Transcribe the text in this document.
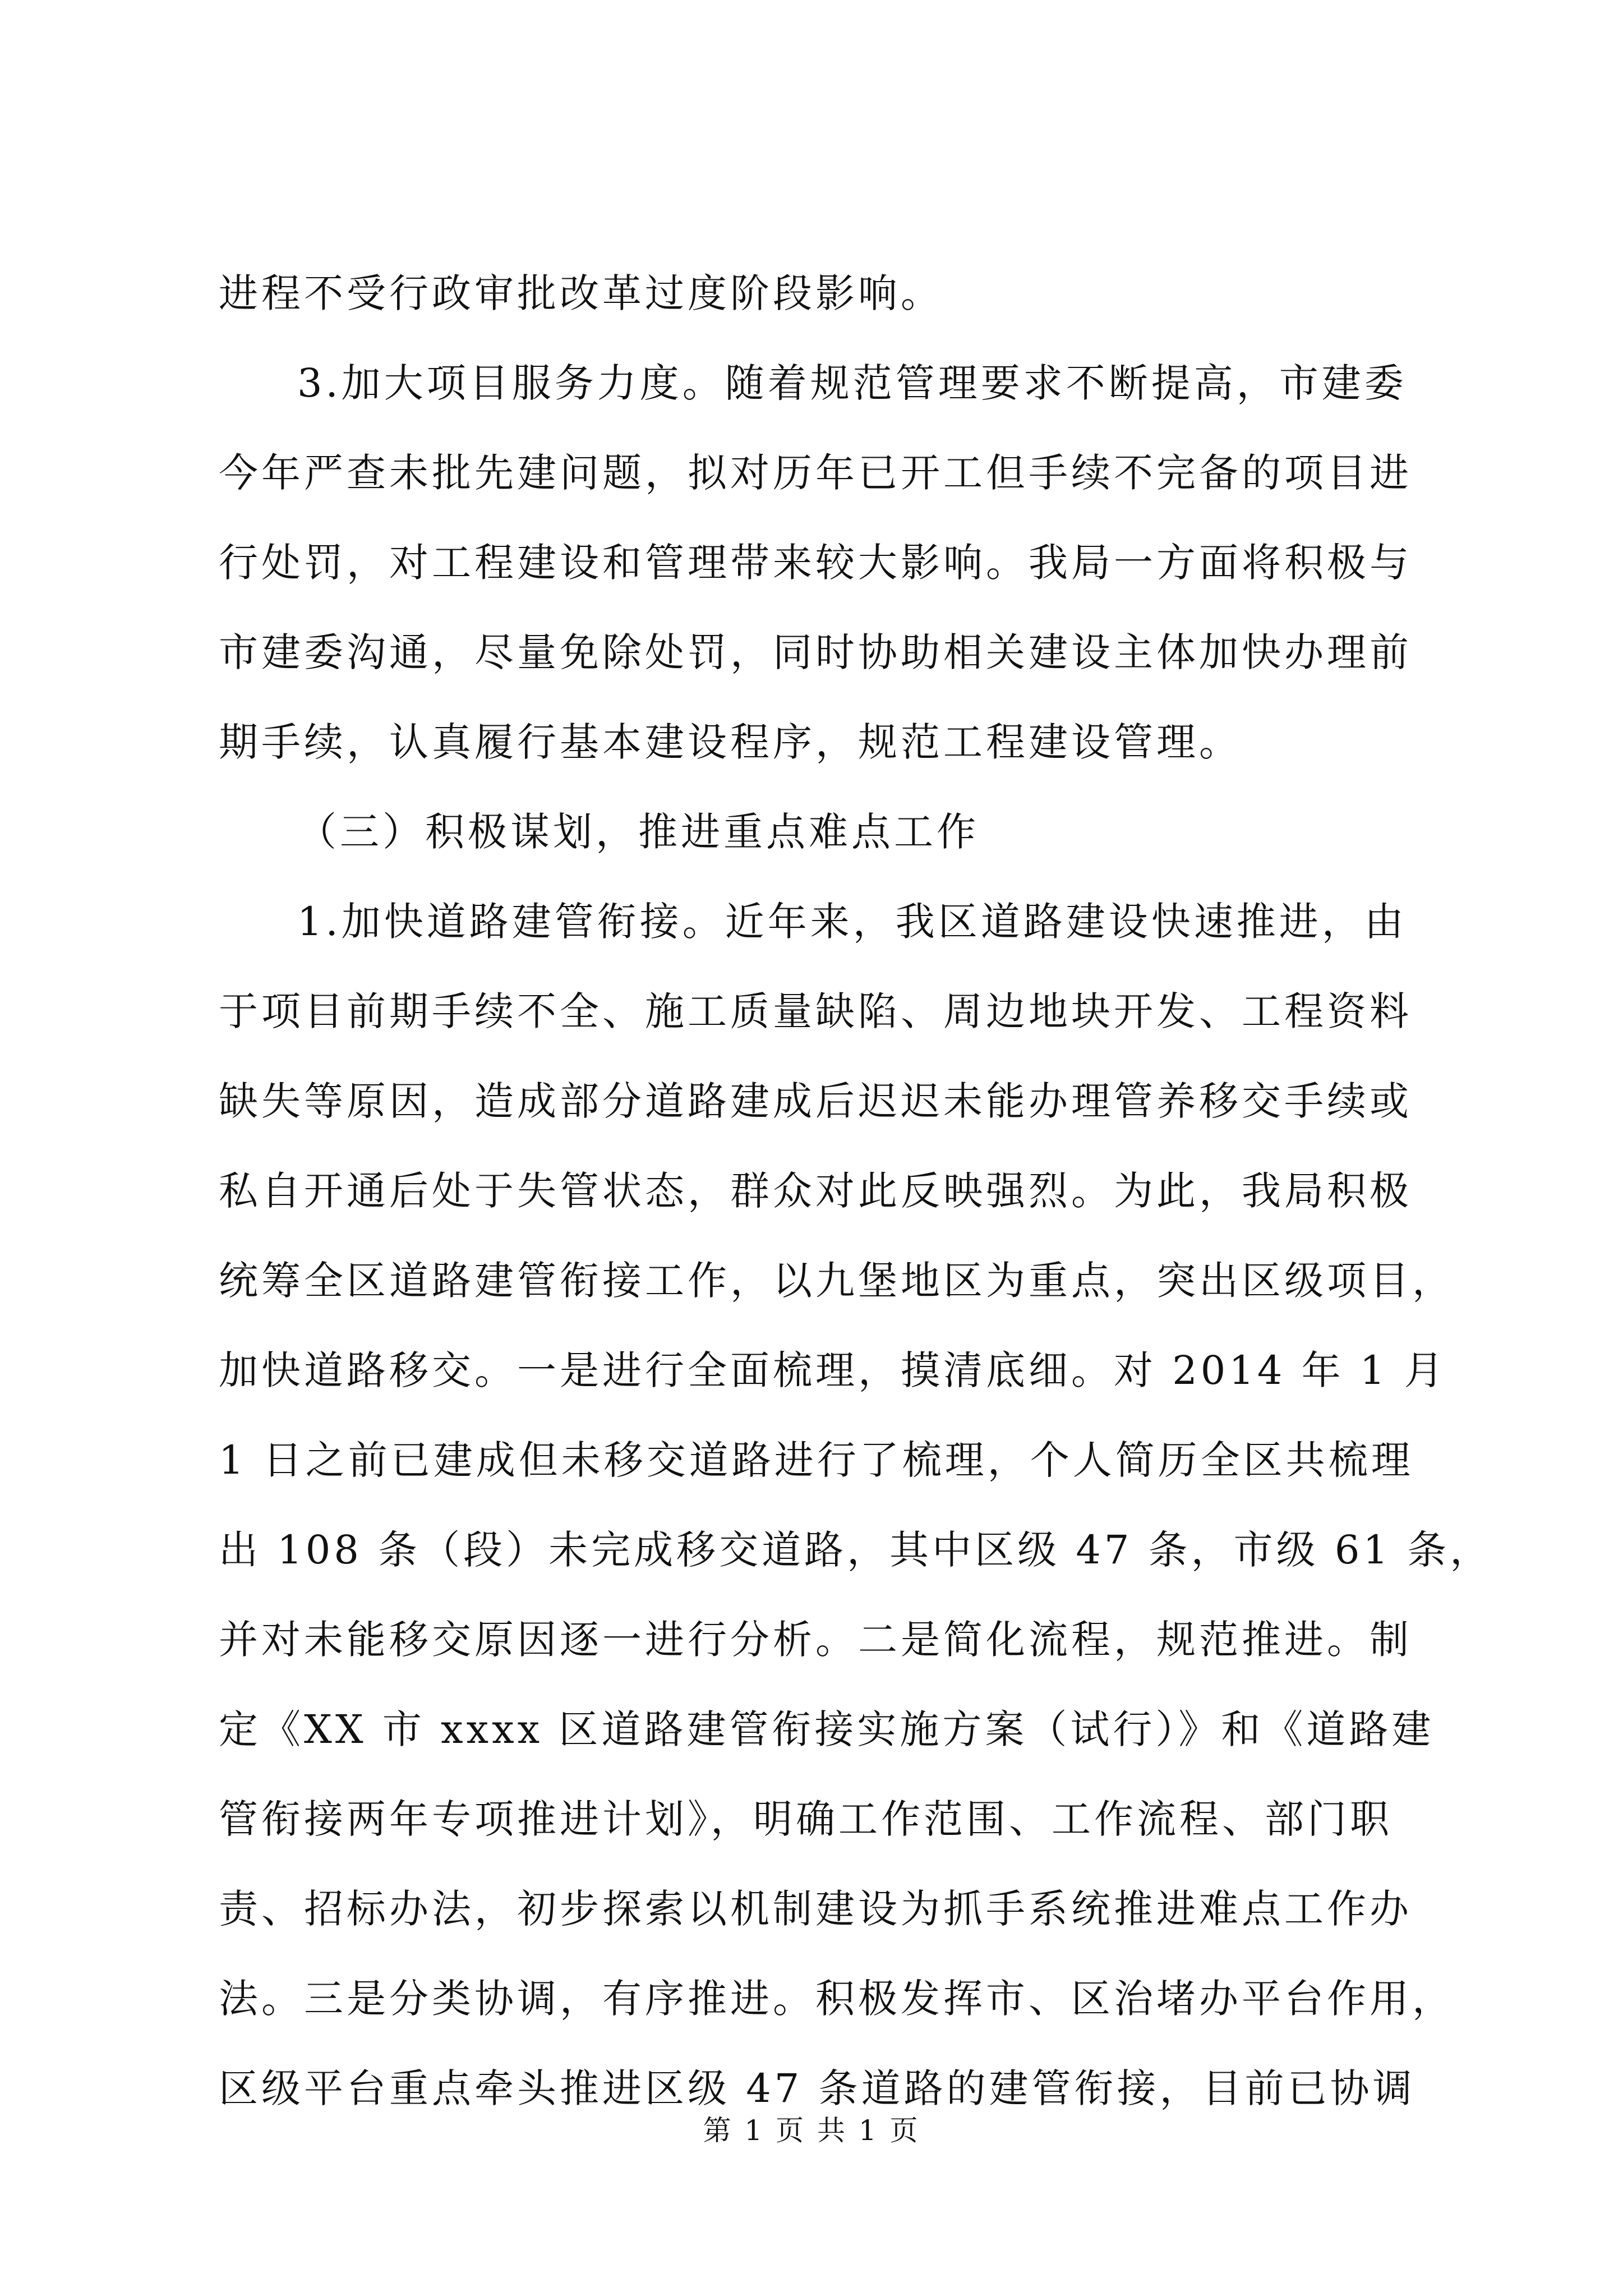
进程不受行政审批改革过度阶段影响。
3.加大项目服务力度。随着规范管理要求不断提高，市建委
今年严查未批先建问题，拟对历年已开工但手续不完备的项目进
行处罚，对工程建设和管理带来较大影响。我局一方面将积极与
市建委沟通，尽量免除处罚，同时协助相关建设主体加快办理前
期手续，认真履行基本建设程序，规范工程建设管理。
（三）积极谋划，推进重点难点工作
1.加快道路建管衔接。近年来，我区道路建设快速推进，由
于项目前期手续不全、施工质量缺陷、周边地块开发、工程资料
缺失等原因，造成部分道路建成后迟迟未能办理管养移交手续或
私自开通后处于失管状态，群众对此反映强烈。为此，我局积极
统筹全区道路建管衔接工作，以九堡地区为重点，突出区级项目，
加快道路移交。一是进行全面梳理，摸清底细。对 2014 年 1 月
1 日之前已建成但未移交道路进行了梳理，个人简历全区共梳理
出 108 条（段）未完成移交道路，其中区级 47 条，市级 61 条，
并对未能移交原因逐一进行分析。二是简化流程，规范推进。制
定《XX 市 xxxx 区道路建管衔接实施方案（试行）》和《道路建
管衔接两年专项推进计划》，明确工作范围、工作流程、部门职
责、招标办法，初步探索以机制建设为抓手系统推进难点工作办
法。三是分类协调，有序推进。积极发挥市、区治堵办平台作用，
区级平台重点牵头推进区级 47 条道路的建管衔接，目前已协调
第 1 页 共 1 页
